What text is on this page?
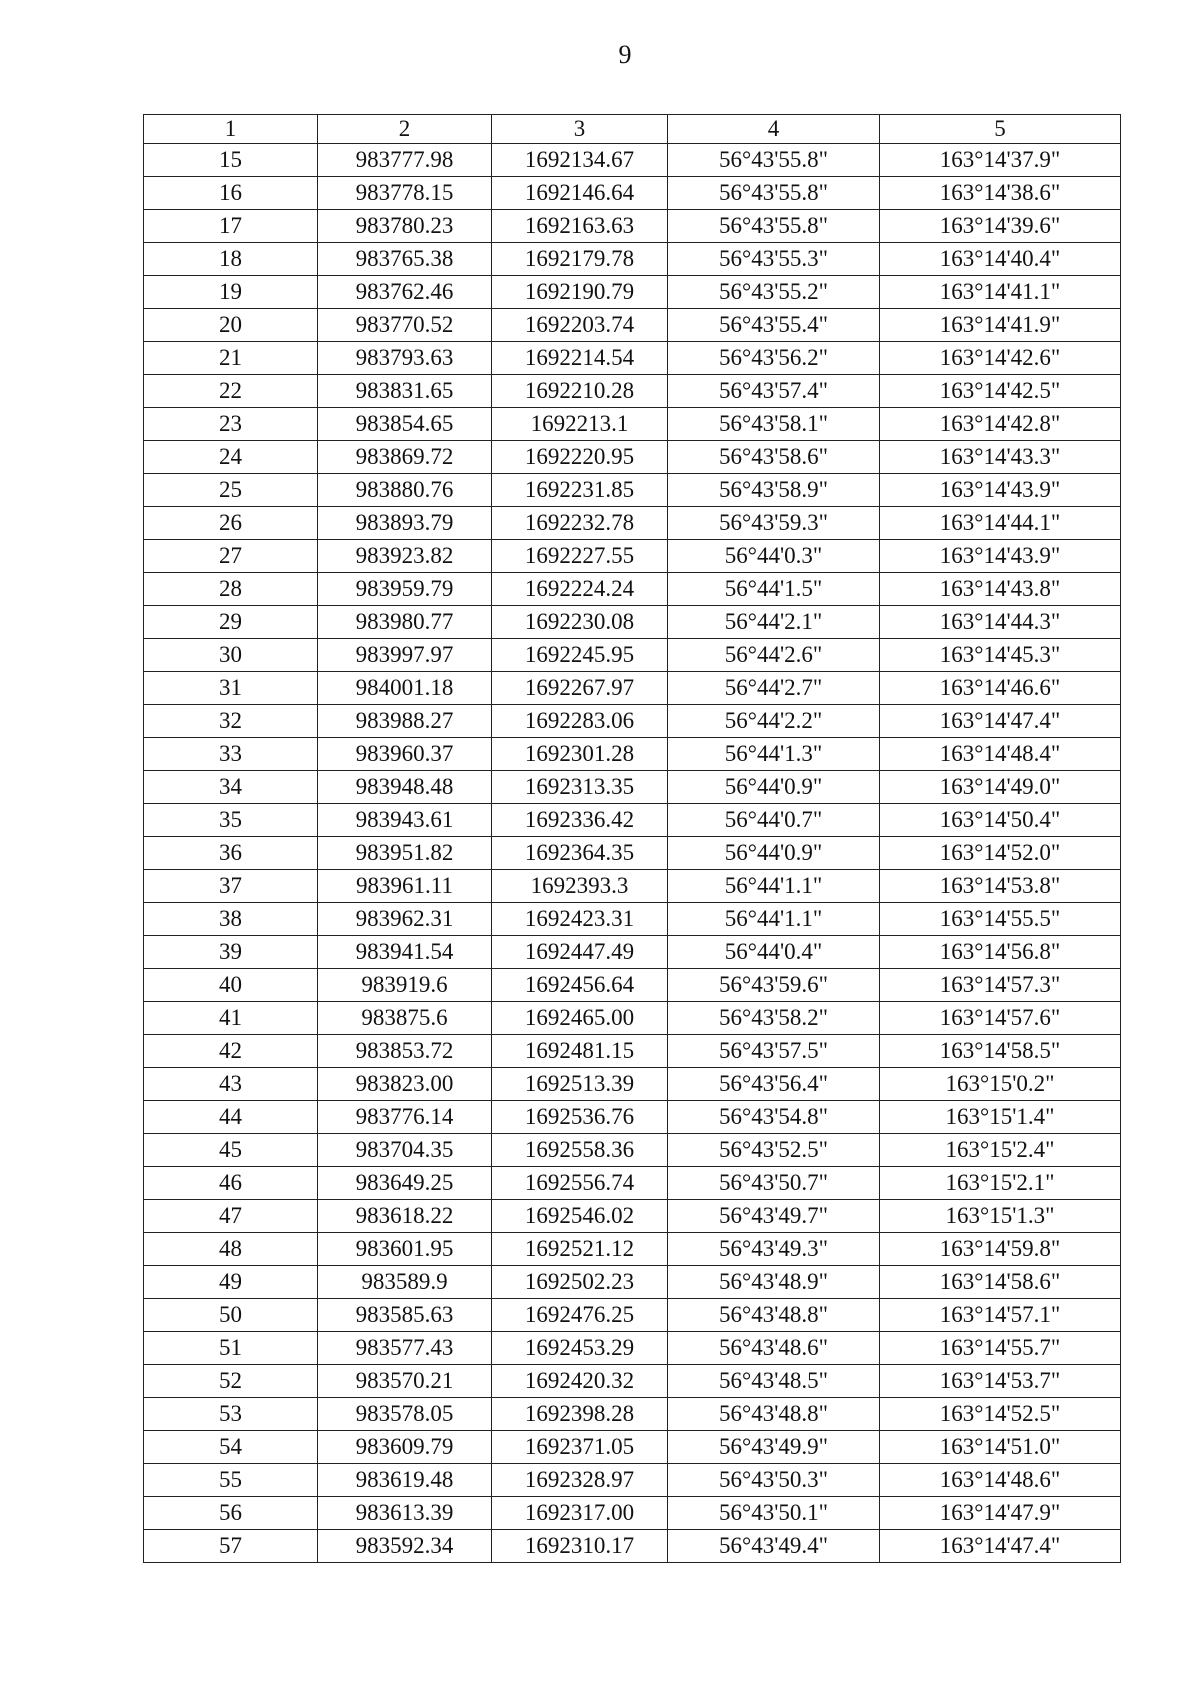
9
1	2	3	4	5
15	983777.98	1692134.67	56°43'55.8"	163°14'37.9"
16	983778.15	1692146.64	56°43'55.8"	163°14'38.6"
17	983780.23	1692163.63	56°43'55.8"	163°14'39.6"
18	983765.38	1692179.78	56°43'55.3"	163°14'40.4"
19	983762.46	1692190.79	56°43'55.2"	163°14'41.1"
20	983770.52	1692203.74	56°43'55.4"	163°14'41.9"
21	983793.63	1692214.54	56°43'56.2"	163°14'42.6"
22	983831.65	1692210.28	56°43'57.4"	163°14'42.5"
23	983854.65	1692213.1	56°43'58.1"	163°14'42.8"
24	983869.72	1692220.95	56°43'58.6"	163°14'43.3"
25	983880.76	1692231.85	56°43'58.9"	163°14'43.9"
26	983893.79	1692232.78	56°43'59.3"	163°14'44.1"
27	983923.82	1692227.55	56°44'0.3"	163°14'43.9"
28	983959.79	1692224.24	56°44'1.5"	163°14'43.8"
29	983980.77	1692230.08	56°44'2.1"	163°14'44.3"
30	983997.97	1692245.95	56°44'2.6"	163°14'45.3"
31	984001.18	1692267.97	56°44'2.7"	163°14'46.6"
32	983988.27	1692283.06	56°44'2.2"	163°14'47.4"
33	983960.37	1692301.28	56°44'1.3"	163°14'48.4"
34	983948.48	1692313.35	56°44'0.9"	163°14'49.0"
35	983943.61	1692336.42	56°44'0.7"	163°14'50.4"
36	983951.82	1692364.35	56°44'0.9"	163°14'52.0"
37	983961.11	1692393.3	56°44'1.1"	163°14'53.8"
38	983962.31	1692423.31	56°44'1.1"	163°14'55.5"
39	983941.54	1692447.49	56°44'0.4"	163°14'56.8"
40	983919.6	1692456.64	56°43'59.6"	163°14'57.3"
41	983875.6	1692465.00	56°43'58.2"	163°14'57.6"
42	983853.72	1692481.15	56°43'57.5"	163°14'58.5"
43	983823.00	1692513.39	56°43'56.4"	163°15'0.2"
44	983776.14	1692536.76	56°43'54.8"	163°15'1.4"
45	983704.35	1692558.36	56°43'52.5"	163°15'2.4"
46	983649.25	1692556.74	56°43'50.7"	163°15'2.1"
47	983618.22	1692546.02	56°43'49.7"	163°15'1.3"
48	983601.95	1692521.12	56°43'49.3"	163°14'59.8"
49	983589.9	1692502.23	56°43'48.9"	163°14'58.6"
50	983585.63	1692476.25	56°43'48.8"	163°14'57.1"
51	983577.43	1692453.29	56°43'48.6"	163°14'55.7"
52	983570.21	1692420.32	56°43'48.5"	163°14'53.7"
53	983578.05	1692398.28	56°43'48.8"	163°14'52.5"
54	983609.79	1692371.05	56°43'49.9"	163°14'51.0"
55	983619.48	1692328.97	56°43'50.3"	163°14'48.6"
56	983613.39	1692317.00	56°43'50.1"	163°14'47.9"
57	983592.34	1692310.17	56°43'49.4"	163°14'47.4"
